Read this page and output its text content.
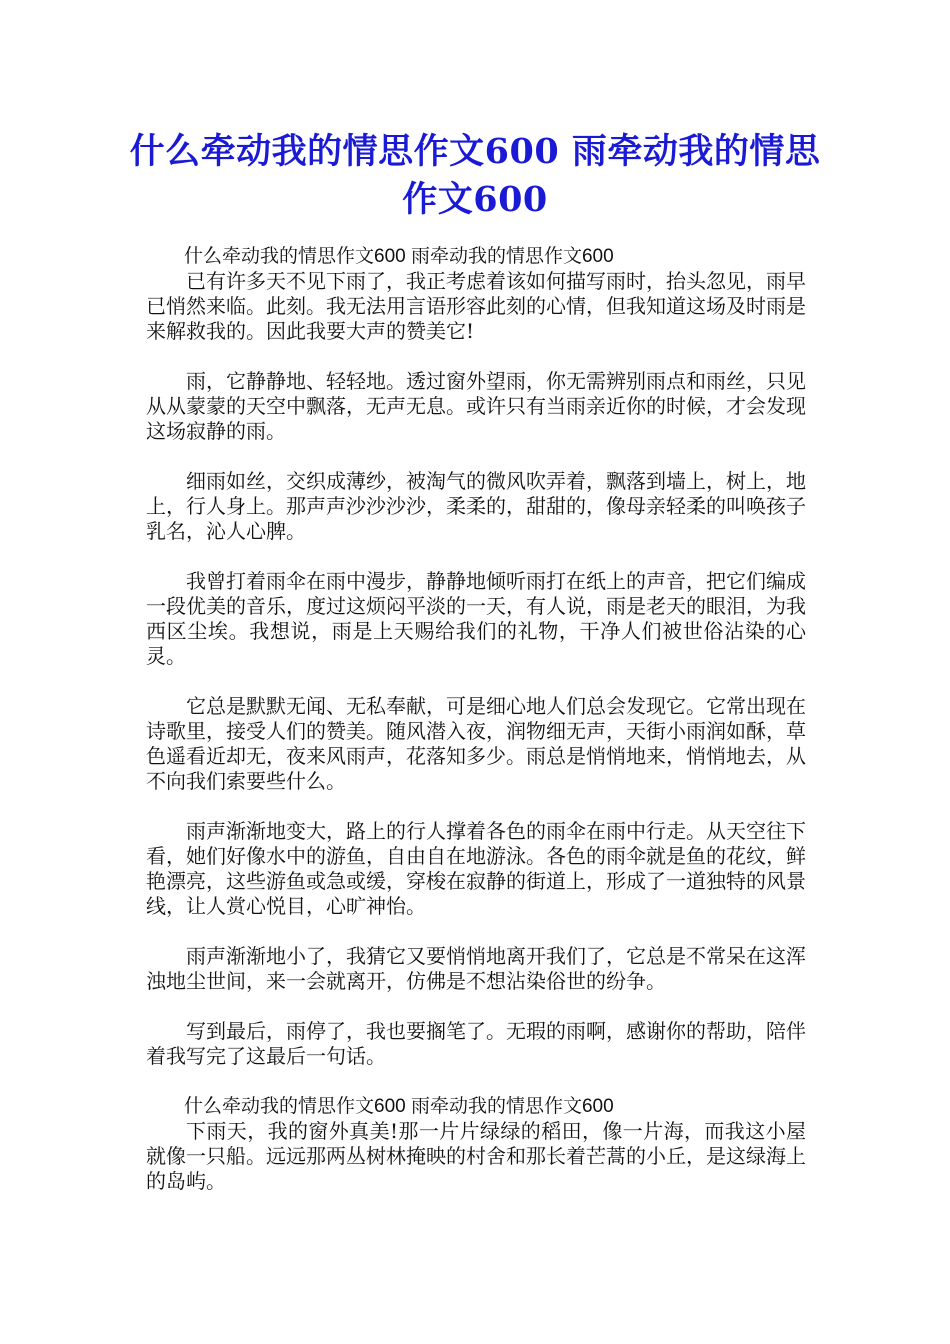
什么牵动我的情思作文600 雨牵动我的情思作文600

什么牵动我的情思作文600 雨牵动我的情思作文600

已有许多天不见下雨了，我正考虑着该如何描写雨时，抬头忽见，雨早已悄然来临。此刻。我无法用言语形容此刻的心情，但我知道这场及时雨是来解救我的。因此我要大声的赞美它!

雨，它静静地、轻轻地。透过窗外望雨，你无需辨别雨点和雨丝，只见从从蒙蒙的天空中飘落，无声无息。或许只有当雨亲近你的时候，才会发现这场寂静的雨。

细雨如丝，交织成薄纱，被淘气的微风吹弄着，飘落到墙上，树上，地上，行人身上。那声声沙沙沙沙，柔柔的，甜甜的，像母亲轻柔的叫唤孩子乳名，沁人心脾。

我曾打着雨伞在雨中漫步，静静地倾听雨打在纸上的声音，把它们编成一段优美的音乐，度过这烦闷平淡的一天，有人说，雨是老天的眼泪，为我西区尘埃。我想说，雨是上天赐给我们的礼物，干净人们被世俗沾染的心灵。

它总是默默无闻、无私奉献，可是细心地人们总会发现它。它常出现在诗歌里，接受人们的赞美。随风潜入夜，润物细无声，天街小雨润如酥，草色遥看近却无，夜来风雨声，花落知多少。雨总是悄悄地来，悄悄地去，从不向我们索要些什么。

雨声渐渐地变大，路上的行人撑着各色的雨伞在雨中行走。从天空往下看，她们好像水中的游鱼，自由自在地游泳。各色的雨伞就是鱼的花纹，鲜艳漂亮，这些游鱼或急或缓，穿梭在寂静的街道上，形成了一道独特的风景线，让人赏心悦目，心旷神怡。

雨声渐渐地小了，我猜它又要悄悄地离开我们了，它总是不常呆在这浑浊地尘世间，来一会就离开，仿佛是不想沾染俗世的纷争。

写到最后，雨停了，我也要搁笔了。无瑕的雨啊，感谢你的帮助，陪伴着我写完了这最后一句话。

什么牵动我的情思作文600 雨牵动我的情思作文600

下雨天，我的窗外真美!那一片片绿绿的稻田，像一片海，而我这小屋就像一只船。远远那两丛树林掩映的村舍和那长着芒蒿的小丘，是这绿海上的岛屿。
